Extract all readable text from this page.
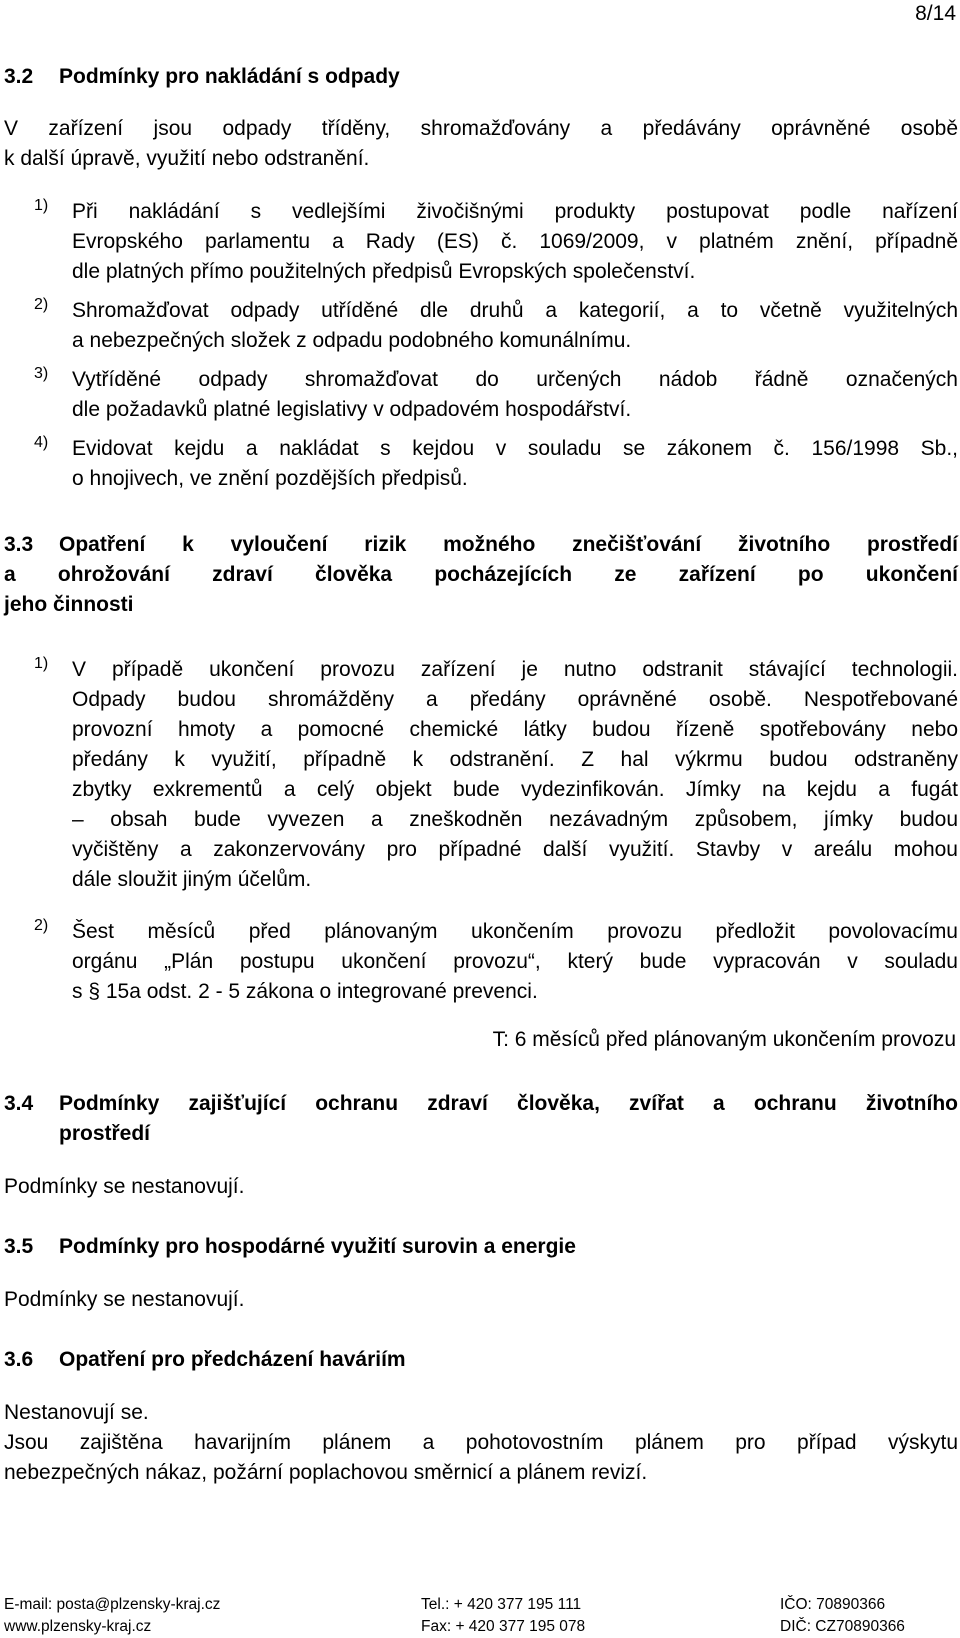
8/14
3.2 Podmínky pro nakládání s odpady
V zařízení jsou odpady tříděny, shromažďovány a předávány oprávněné osobě
k další úpravě, využití nebo odstranění.
1)	Při nakládání s vedlejšími živočišnými produkty postupovat podle nařízení
Evropského parlamentu a Rady (ES) č. 1069/2009, v platném znění, případně
dle platných přímo použitelných předpisů Evropských společenství.
2)	Shromažďovat odpady utříděné dle druhů a kategorií, a to včetně využitelných
a nebezpečných složek z odpadu podobného komunálnímu.
3)	Vytříděné odpady shromažďovat do určených nádob řádně označených
dle požadavků platné legislativy v odpadovém hospodářství.
4)	Evidovat kejdu a nakládat s kejdou v souladu se zákonem č. 156/1998 Sb.,
o hnojivech, ve znění pozdějších předpisů.
3.3 Opatření k vyloučení rizik možného znečišťování životního prostředí
a ohrožování zdraví člověka pocházejících ze zařízení po ukončení
jeho činnosti
1)	V případě ukončení provozu zařízení je nutno odstranit stávající technologii.
Odpady budou shromážděny a předány oprávněné osobě. Nespotřebované
provozní hmoty a pomocné chemické látky budou řízeně spotřebovány nebo
předány k využití, případně k odstranění. Z hal výkrmu budou odstraněny
zbytky exkrementů a celý objekt bude vydezinfikován. Jímky na kejdu a fugát
– obsah bude vyvezen a zneškodněn nezávadným způsobem, jímky budou
vyčištěny a zakonzervovány pro případné další využití. Stavby v areálu mohou
dále sloužit jiným účelům.
2)	Šest měsíců před plánovaným ukončením provozu předložit povolovacímu
orgánu „Plán postupu ukončení provozu“, který bude vypracován v souladu
s § 15a odst. 2 - 5 zákona o integrované prevenci.
T: 6 měsíců před plánovaným ukončením provozu
3.4 Podmínky zajišťující ochranu zdraví člověka, zvířat a ochranu životního
prostředí
Podmínky se nestanovují.
3.5 Podmínky pro hospodárné využití surovin a energie
Podmínky se nestanovují.
3.6 Opatření pro předcházení haváriím
Nestanovují se.
Jsou zajištěna havarijním plánem a pohotovostním plánem pro případ výskytu
nebezpečných nákaz, požární poplachovou směrnicí a plánem revizí.
E-mail: posta@plzensky-kraj.cz
www.plzensky-kraj.cz
Tel.: + 420 377 195 111
Fax: + 420 377 195 078
IČO: 70890366
DIČ: CZ70890366
